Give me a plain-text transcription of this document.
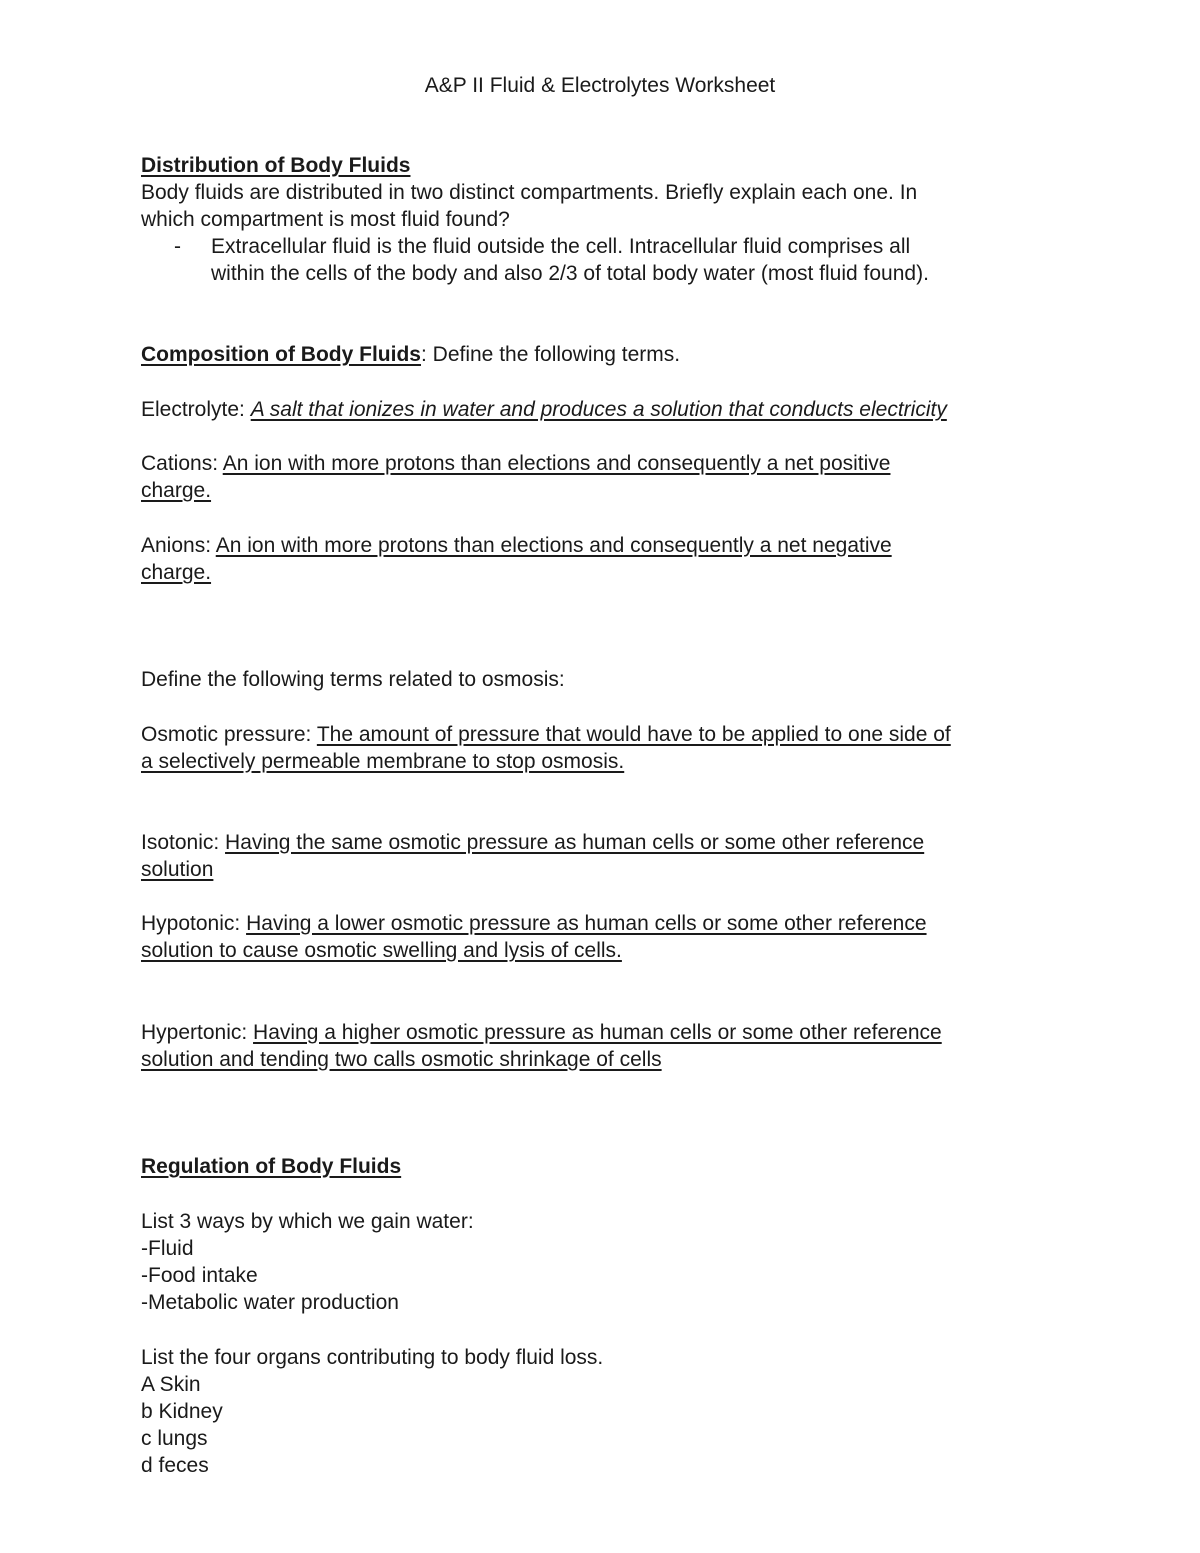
A&P II Fluid & Electrolytes Worksheet
Distribution of Body Fluids
Body fluids are distributed in two distinct compartments. Briefly explain each one. In
which compartment is most fluid found?
- Extracellular fluid is the fluid outside the cell. Intracellular fluid comprises all
within the cells of the body and also 2/3 of total body water (most fluid found).
Composition of Body Fluids: Define the following terms.
Electrolyte: A salt that ionizes in water and produces a solution that conducts electricity
Cations: An ion with more protons than elections and consequently a net positive
charge.
Anions: An ion with more protons than elections and consequently a net negative
charge.
Define the following terms related to osmosis:
Osmotic pressure: The amount of pressure that would have to be applied to one side of
a selectively permeable membrane to stop osmosis.
Isotonic: Having the same osmotic pressure as human cells or some other reference
solution
Hypotonic: Having a lower osmotic pressure as human cells or some other reference
solution to cause osmotic swelling and lysis of cells.
Hypertonic: Having a higher osmotic pressure as human cells or some other reference
solution and tending two calls osmotic shrinkage of cells
Regulation of Body Fluids
List 3 ways by which we gain water:
-Fluid
-Food intake
-Metabolic water production
List the four organs contributing to body fluid loss.
A Skin
b Kidney
c lungs
d feces
